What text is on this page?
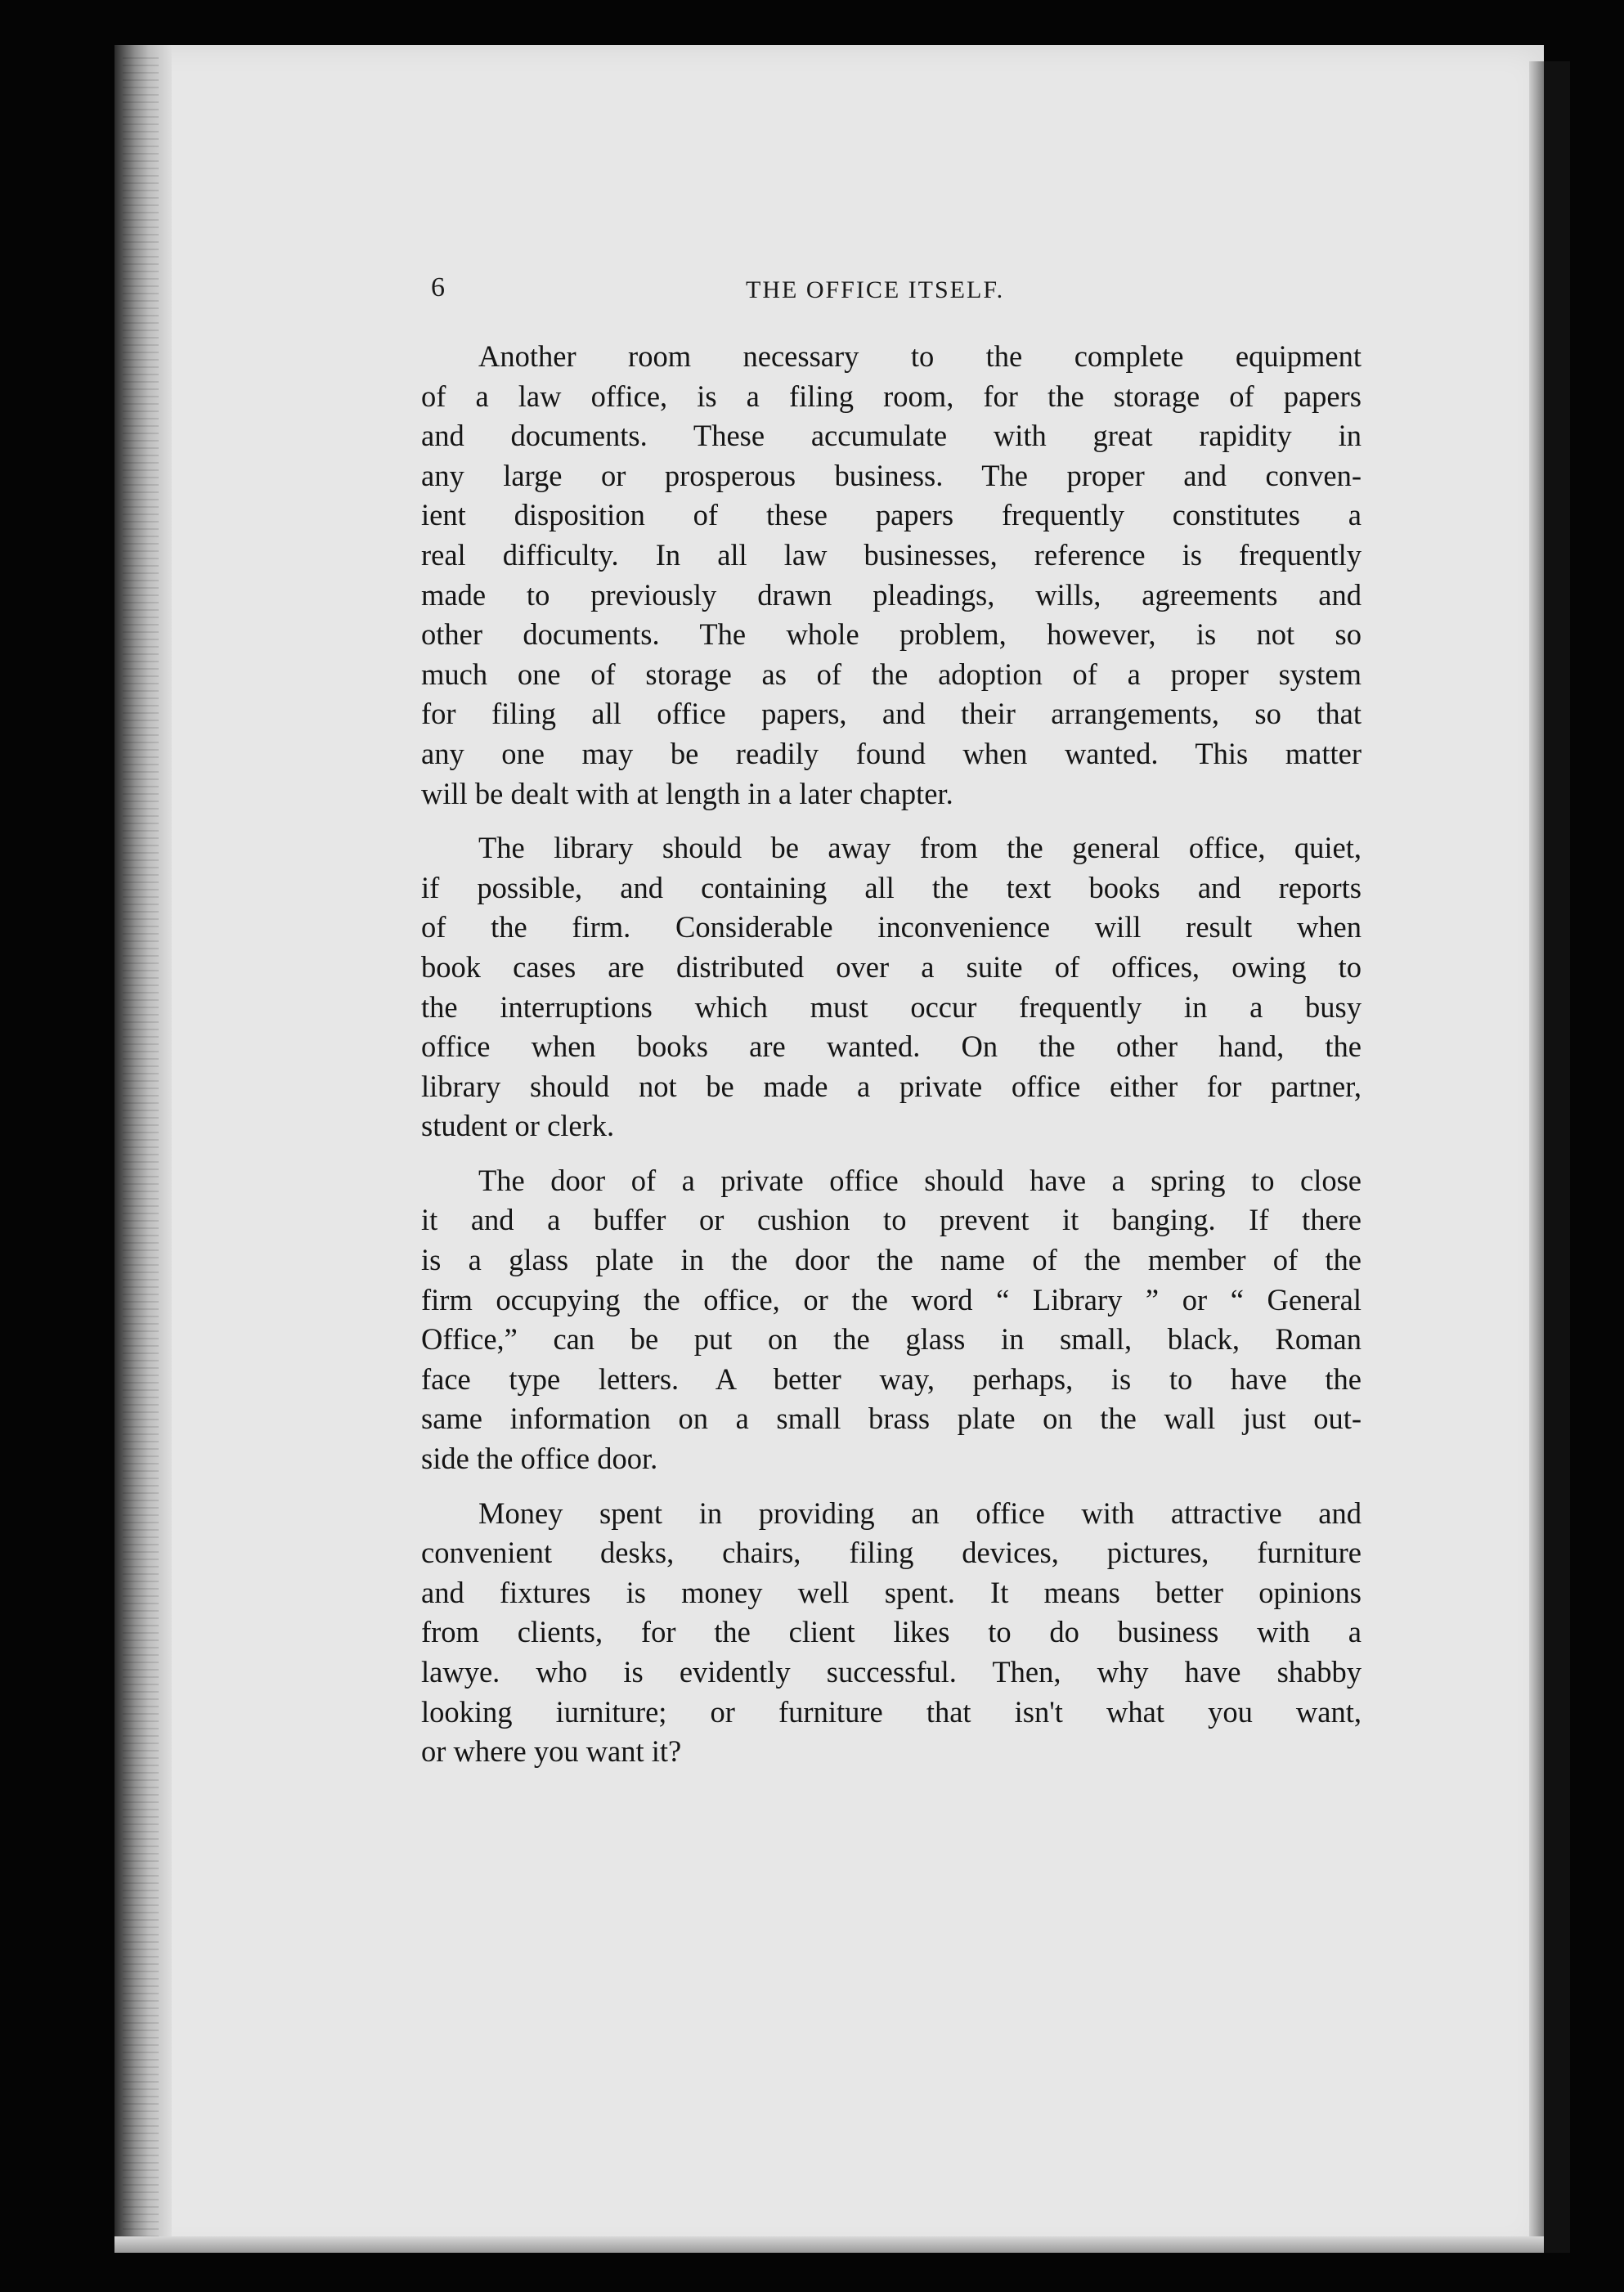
6	THE OFFICE ITSELF.
Another room necessary to the complete equipment
of a law office, is a filing room, for the storage of papers
and documents. These accumulate with great rapidity in
any large or prosperous business. The proper and conven-
ient disposition of these papers frequently constitutes a
real difficulty. In all law businesses, reference is frequently
made to previously drawn pleadings, wills, agreements and
other documents. The whole problem, however, is not so
much one of storage as of the adoption of a proper system
for filing all office papers, and their arrangements, so that
any one may be readily found when wanted. This matter
will be dealt with at length in a later chapter.
The library should be away from the general office, quiet,
if possible, and containing all the text books and reports
of the firm. Considerable inconvenience will result when
book cases are distributed over a suite of offices, owing to
the interruptions which must occur frequently in a busy
office when books are wanted. On the other hand, the
library should not be made a private office either for partner,
student or clerk.
The door of a private office should have a spring to close
it and a buffer or cushion to prevent it banging. If there
is a glass plate in the door the name of the member of the
firm occupying the office, or the word “ Library ” or “ General
Office,” can be put on the glass in small, black, Roman
face type letters. A better way, perhaps, is to have the
same information on a small brass plate on the wall just out-
side the office door.
Money spent in providing an office with attractive and
convenient desks, chairs, filing devices, pictures, furniture
and fixtures is money well spent. It means better opinions
from clients, for the client likes to do business with a
lawye. who is evidently successful. Then, why have shabby
looking iurniture; or furniture that isn't what you want,
or where you want it?
